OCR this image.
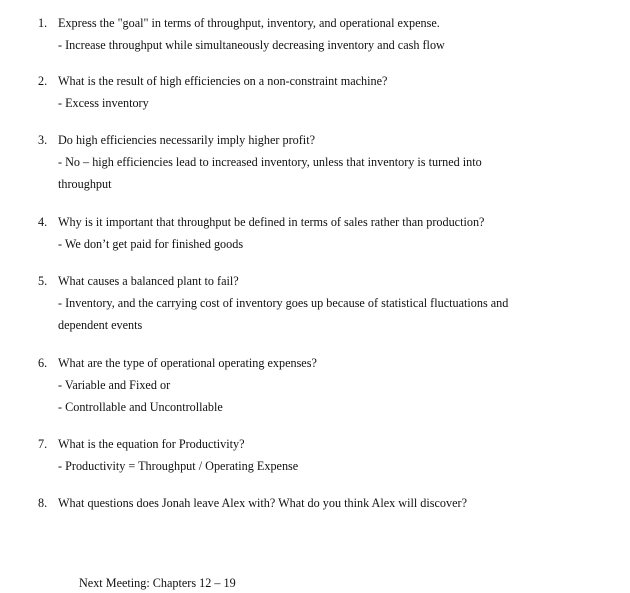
1. Express the "goal" in terms of throughput, inventory, and operational expense.
- Increase throughput while simultaneously decreasing inventory and cash flow
2. What is the result of high efficiencies on a non-constraint machine?
- Excess inventory
3. Do high efficiencies necessarily imply higher profit?
- No – high efficiencies lead to increased inventory, unless that inventory is turned into
throughput
4. Why is it important that throughput be defined in terms of sales rather than production?
- We don’t get paid for finished goods
5. What causes a balanced plant to fail?
- Inventory, and the carrying cost of inventory goes up because of statistical fluctuations and
dependent events
6. What are the type of operational operating expenses?
- Variable and Fixed or
- Controllable and Uncontrollable
7. What is the equation for Productivity?
- Productivity = Throughput / Operating Expense
8. What questions does Jonah leave Alex with? What do you think Alex will discover?
Next Meeting: Chapters 12 – 19
